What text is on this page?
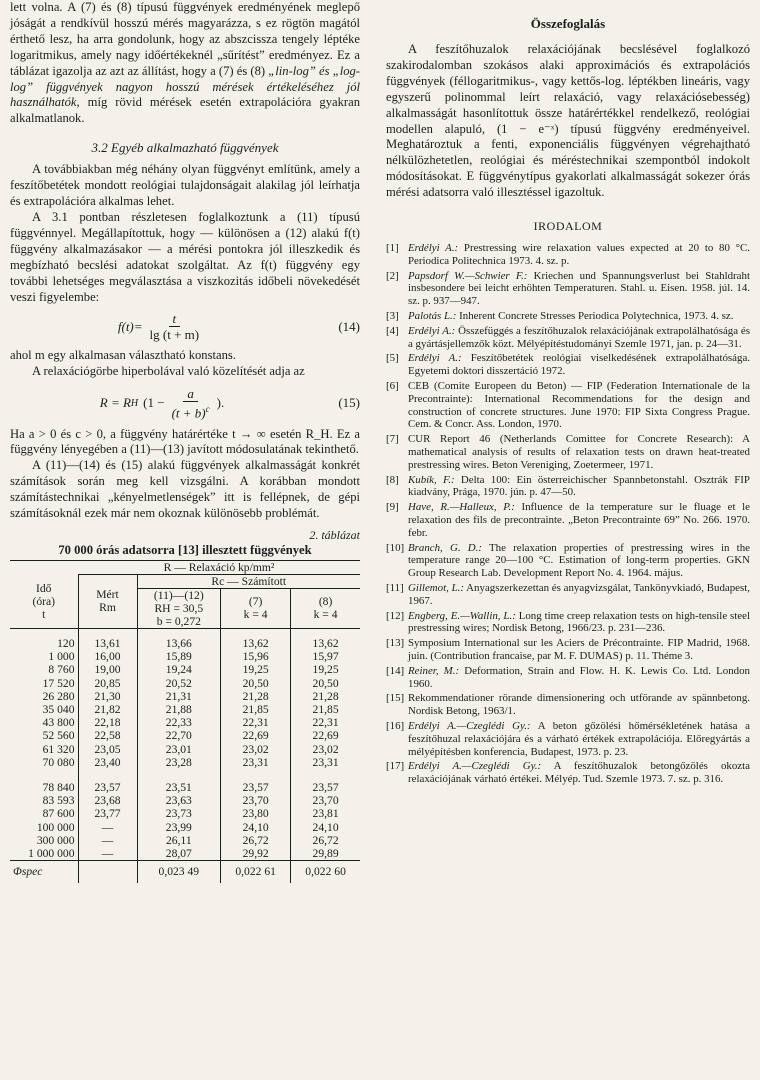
lett volna. A (7) és (8) típusú függvények eredményének meglepő jóságát a rendkívül hosszú mérés magyarázza, s ez rögtön magától érthető lesz, ha arra gondolunk, hogy az abszcissza tengely léptéke logaritmikus, amely nagy időértékeknél „sűrítést” eredményez. Ez a táblázat igazolja az azt az állítást, hogy a (7) és (8) „lin-log” és „log-log” függvények nagyon hosszú mérések értékeléséhez jól használhatók, míg rövid mérések esetén extrapolációra gyakran alkalmatlanok.

3.2 Egyéb alkalmazható függvények

A továbbiakban még néhány olyan függvényt említünk, amely a feszítőbetétek mondott reológiai tulajdonságait alakilag jól leírhatja és extrapolációra alkalmas lehet.

A 3.1 pontban részletesen foglalkoztunk a (11) típusú függvénnyel. Megállapítottuk, hogy — különösen a (12) alakú f(t) függvény alkalmazásakor — a mérési pontokra jól illeszkedik és megbízható becslési adatokat szolgáltat. Az f(t) függvény egy további lehetséges megválasztása a viszkozitás időbeli növekedését veszi figyelembe:

$f(t)= \frac{t}{\lg (t + m)}$	(14)

ahol m egy alkalmasan választható konstans.

A relaxációgörbe hiperbolával való közelítését adja az

R = R H
($1 - \frac{a}{(t + b)^c}$ ).	(15)

Ha a > 0 és c > 0, a függvény határértéke t → ∞ esetén R_H. Ez a függvény lényegében a (11)—(13) javított módosulatának tekinthető.

A (11)—(14) és (15) alakú függvények alkalmasságát konkrét számítások során meg kell vizsgálni. A korábban mondott számítástechnikai „kényelmetlenségek” itt is fellépnek, de gépi számításoknál ezek már nem okoznak különösebb problémát.

2. táblázat
70 000 órás adatsorra [13] illesztett függvények
	R — Relaxáció kp/mm²			
Idő
(óra)
t	Mért
Rm	Rc — Számított		
		(11)—(12)
RH = 30,5
b = 0,272	(7)
k = 4	(8)
k = 4
120	13,61	13,66	13,62	13,62
1 000	16,00	15,89	15,96	15,97
8 760	19,00	19,24	19,25	19,25
17 520	20,85	20,52	20,50	20,50
26 280	21,30	21,31	21,28	21,28
35 040	21,82	21,88	21,85	21,85
43 800	22,18	22,33	22,31	22,31
52 560	22,58	22,70	22,69	22,69
61 320	23,05	23,01	23,02	23,02
70 080	23,40	23,28	23,31	23,31
78 840	23,57	23,51	23,57	23,57
83 593	23,68	23,63	23,70	23,70
87 600	23,77	23,73	23,80	23,81
100 000	—	23,99	24,10	24,10
300 000	—	26,11	26,72	26,72
1 000 000	—	28,07	29,92	29,89
Φspec		0,023 49	0,022 61	0,022 60
Összefoglalás

A feszítőhuzalok relaxációjának becslésével foglalkozó szakirodalomban szokásos alaki approximációs és extrapolációs függvények (féllogaritmikus-, vagy kettős-log. léptékben lineáris, vagy egyszerű polinommal leírt relaxáció, vagy relaxációsebesség) alkalmasságát hasonlítottuk össze határértékkel rendelkező, reológiai modellen alapuló, (1 − e⁻ˣ) típusú függvény eredményeivel. Meghatároztuk a fenti, exponenciális függvényen végrehajtható nélkülözhetetlen, reológiai és méréstechnikai szempontból indokolt módosításokat. E függvénytípus gyakorlati alkalmasságát sokezer órás mérési adatsorra való illesztéssel igazoltuk.

IRODALOM
[1] Erdélyi A.: Prestressing wire relaxation values expected at 20 to 80 °C. Periodica Politechnica 1973. 4. sz. p.
[2] Papsdorf W.—Schwier F.: Kriechen und Spannungsverlust bei Stahldraht insbesondere bei leicht erhöhten Temperaturen. Stahl. u. Eisen. 1958. júl. 14. sz. p. 937—947.
[3] Palotás L.: Inherent Concrete Stresses Periodica Polytechnica, 1973. 4. sz.
[4] Erdélyi A.: Összefüggés a feszítőhuzalok relaxációjának extrapolálhatósága és a gyártásjellemzők közt. Mélyépítéstudományi Szemle 1971, jan. p. 24—31.
[5] Erdélyi A.: Feszítőbetétek reológiai viselkedésének extrapolálhatósága. Egyetemi doktori disszertáció 1972.
[6] CEB (Comite Europeen du Beton) — FIP (Federation Internationale de la Precontrainte): International Recommendations for the design and construction of concrete structures. June 1970: FIP Sixta Congress Prague. Cem. & Concr. Ass. London, 1970.
[7] CUR Report 46 (Netherlands Comittee for Concrete Research): A mathematical analysis of results of relaxation tests on drawn heat-treated prestressing wires. Beton Vereniging, Zoetermeer, 1971.
[8] Kubík, F.: Delta 100: Ein österreichischer Spannbetonstahl. Osztrák FIP kiadvány, Prága, 1970. jún. p. 47—50.
[9] Have, R.—Halleux, P.: Influence de la temperature sur le fluage et le relaxation des fils de precontrainte. „Beton Precontrainte 69” No. 266. 1970. febr.
[10] Branch, G. D.: The relaxation properties of prestressing wires in the temperature range 20—100 °C. Estimation of long-term properties. GKN Group Research Lab. Development Report No. 4. 1964. május.
[11] Gillemot, L.: Anyagszerkezettan és anyagvizsgálat, Tankönyvkiadó, Budapest, 1967.
[12] Engberg, E.—Wallin, L.: Long time creep relaxation tests on high-tensile steel prestressing wires; Nordisk Betong, 1966/23. p. 231—236.
[13] Symposium International sur les Aciers de Précontrainte. FIP Madrid, 1968. juin. (Contribution francaise, par M. F. DUMAS) p. 11. Théme 3.
[14] Reiner, M.: Deformation, Strain and Flow. H. K. Lewis Co. Ltd. London 1960.
[15] Rekommendationer rörande dimensionering och utförande av spännbetong. Nordisk Betong, 1963/1.
[16] Erdélyi A.—Czeglédi Gy.: A beton gőzölési hőmérsékletének hatása a feszítőhuzal relaxációjára és a várható értékek extrapolációja. Előregyártás a mélyépítésben konferencia, Budapest, 1973. p. 23.
[17] Erdélyi A.—Czeglédi Gy.: A feszítőhuzalok betongőzölés okozta relaxációjának várható értékei. Mélyép. Tud. Szemle 1973. 7. sz. p. 316.
